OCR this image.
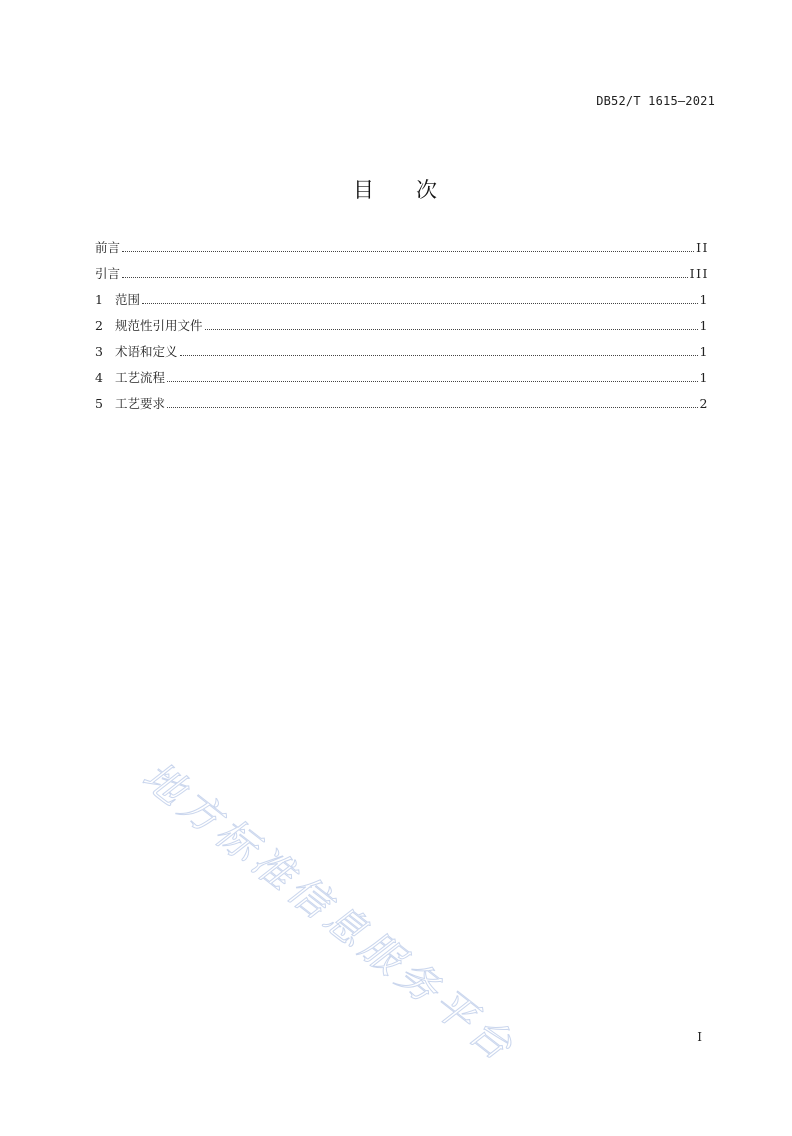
DB52/T 1615—2021
目 次
前言	II
引言	III
1 范围	1
2 规范性引用文件	1
3 术语和定义	1
4 工艺流程	1
5 工艺要求	2
地方标准信息服务平台	I
